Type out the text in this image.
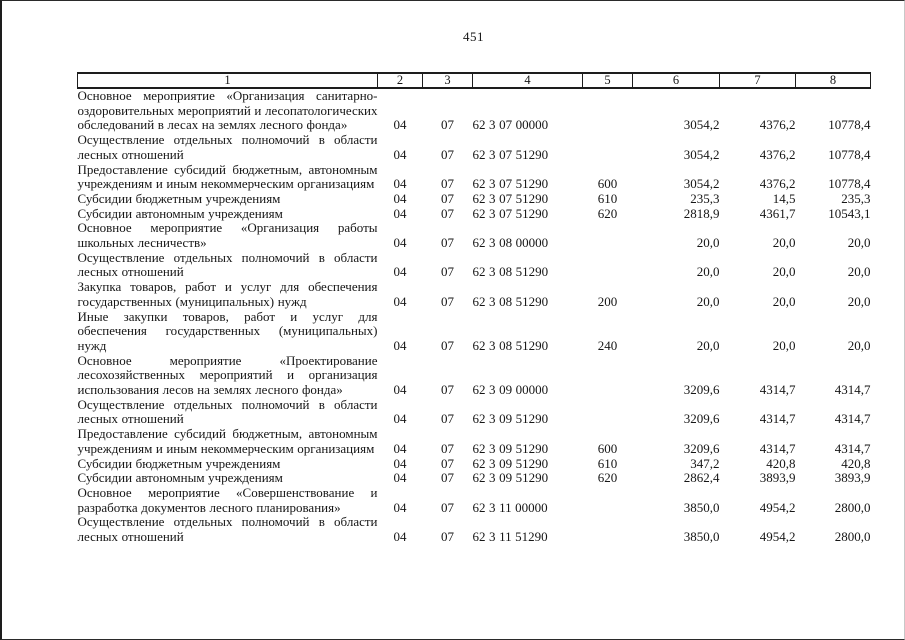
451
1	2	3	4	5	6	7	8
Основное мероприятие «Организация санитарно-оздоровительных мероприятий и лесопатологических обследований в лесах на землях лесного фонда»	04	07	62 3 07 00000		3054,2	4376,2	10778,4
Осуществление отдельных полномочий в области лесных отношений	04	07	62 3 07 51290		3054,2	4376,2	10778,4
Предоставление субсидий бюджетным, автономным учреждениям и иным некоммерческим организациям	04	07	62 3 07 51290	600	3054,2	4376,2	10778,4
Субсидии бюджетным учреждениям	04	07	62 3 07 51290	610	235,3	14,5	235,3
Субсидии автономным учреждениям	04	07	62 3 07 51290	620	2818,9	4361,7	10543,1
Основное мероприятие «Организация работы школьных лесничеств»	04	07	62 3 08 00000		20,0	20,0	20,0
Осуществление отдельных полномочий в области лесных отношений	04	07	62 3 08 51290		20,0	20,0	20,0
Закупка товаров, работ и услуг для обеспечения государственных (муниципальных) нужд	04	07	62 3 08 51290	200	20,0	20,0	20,0
Иные закупки товаров, работ и услуг для обеспечения государственных (муниципальных) нужд	04	07	62 3 08 51290	240	20,0	20,0	20,0
Основное мероприятие «Проектирование лесохозяйственных мероприятий и организация использования лесов на землях лесного фонда»	04	07	62 3 09 00000		3209,6	4314,7	4314,7
Осуществление отдельных полномочий в области лесных отношений	04	07	62 3 09 51290		3209,6	4314,7	4314,7
Предоставление субсидий бюджетным, автономным учреждениям и иным некоммерческим организациям	04	07	62 3 09 51290	600	3209,6	4314,7	4314,7
Субсидии бюджетным учреждениям	04	07	62 3 09 51290	610	347,2	420,8	420,8
Субсидии автономным учреждениям	04	07	62 3 09 51290	620	2862,4	3893,9	3893,9
Основное мероприятие «Совершенствование и разработка документов лесного планирования»	04	07	62 3 11 00000		3850,0	4954,2	2800,0
Осуществление отдельных полномочий в области лесных отношений	04	07	62 3 11 51290		3850,0	4954,2	2800,0
